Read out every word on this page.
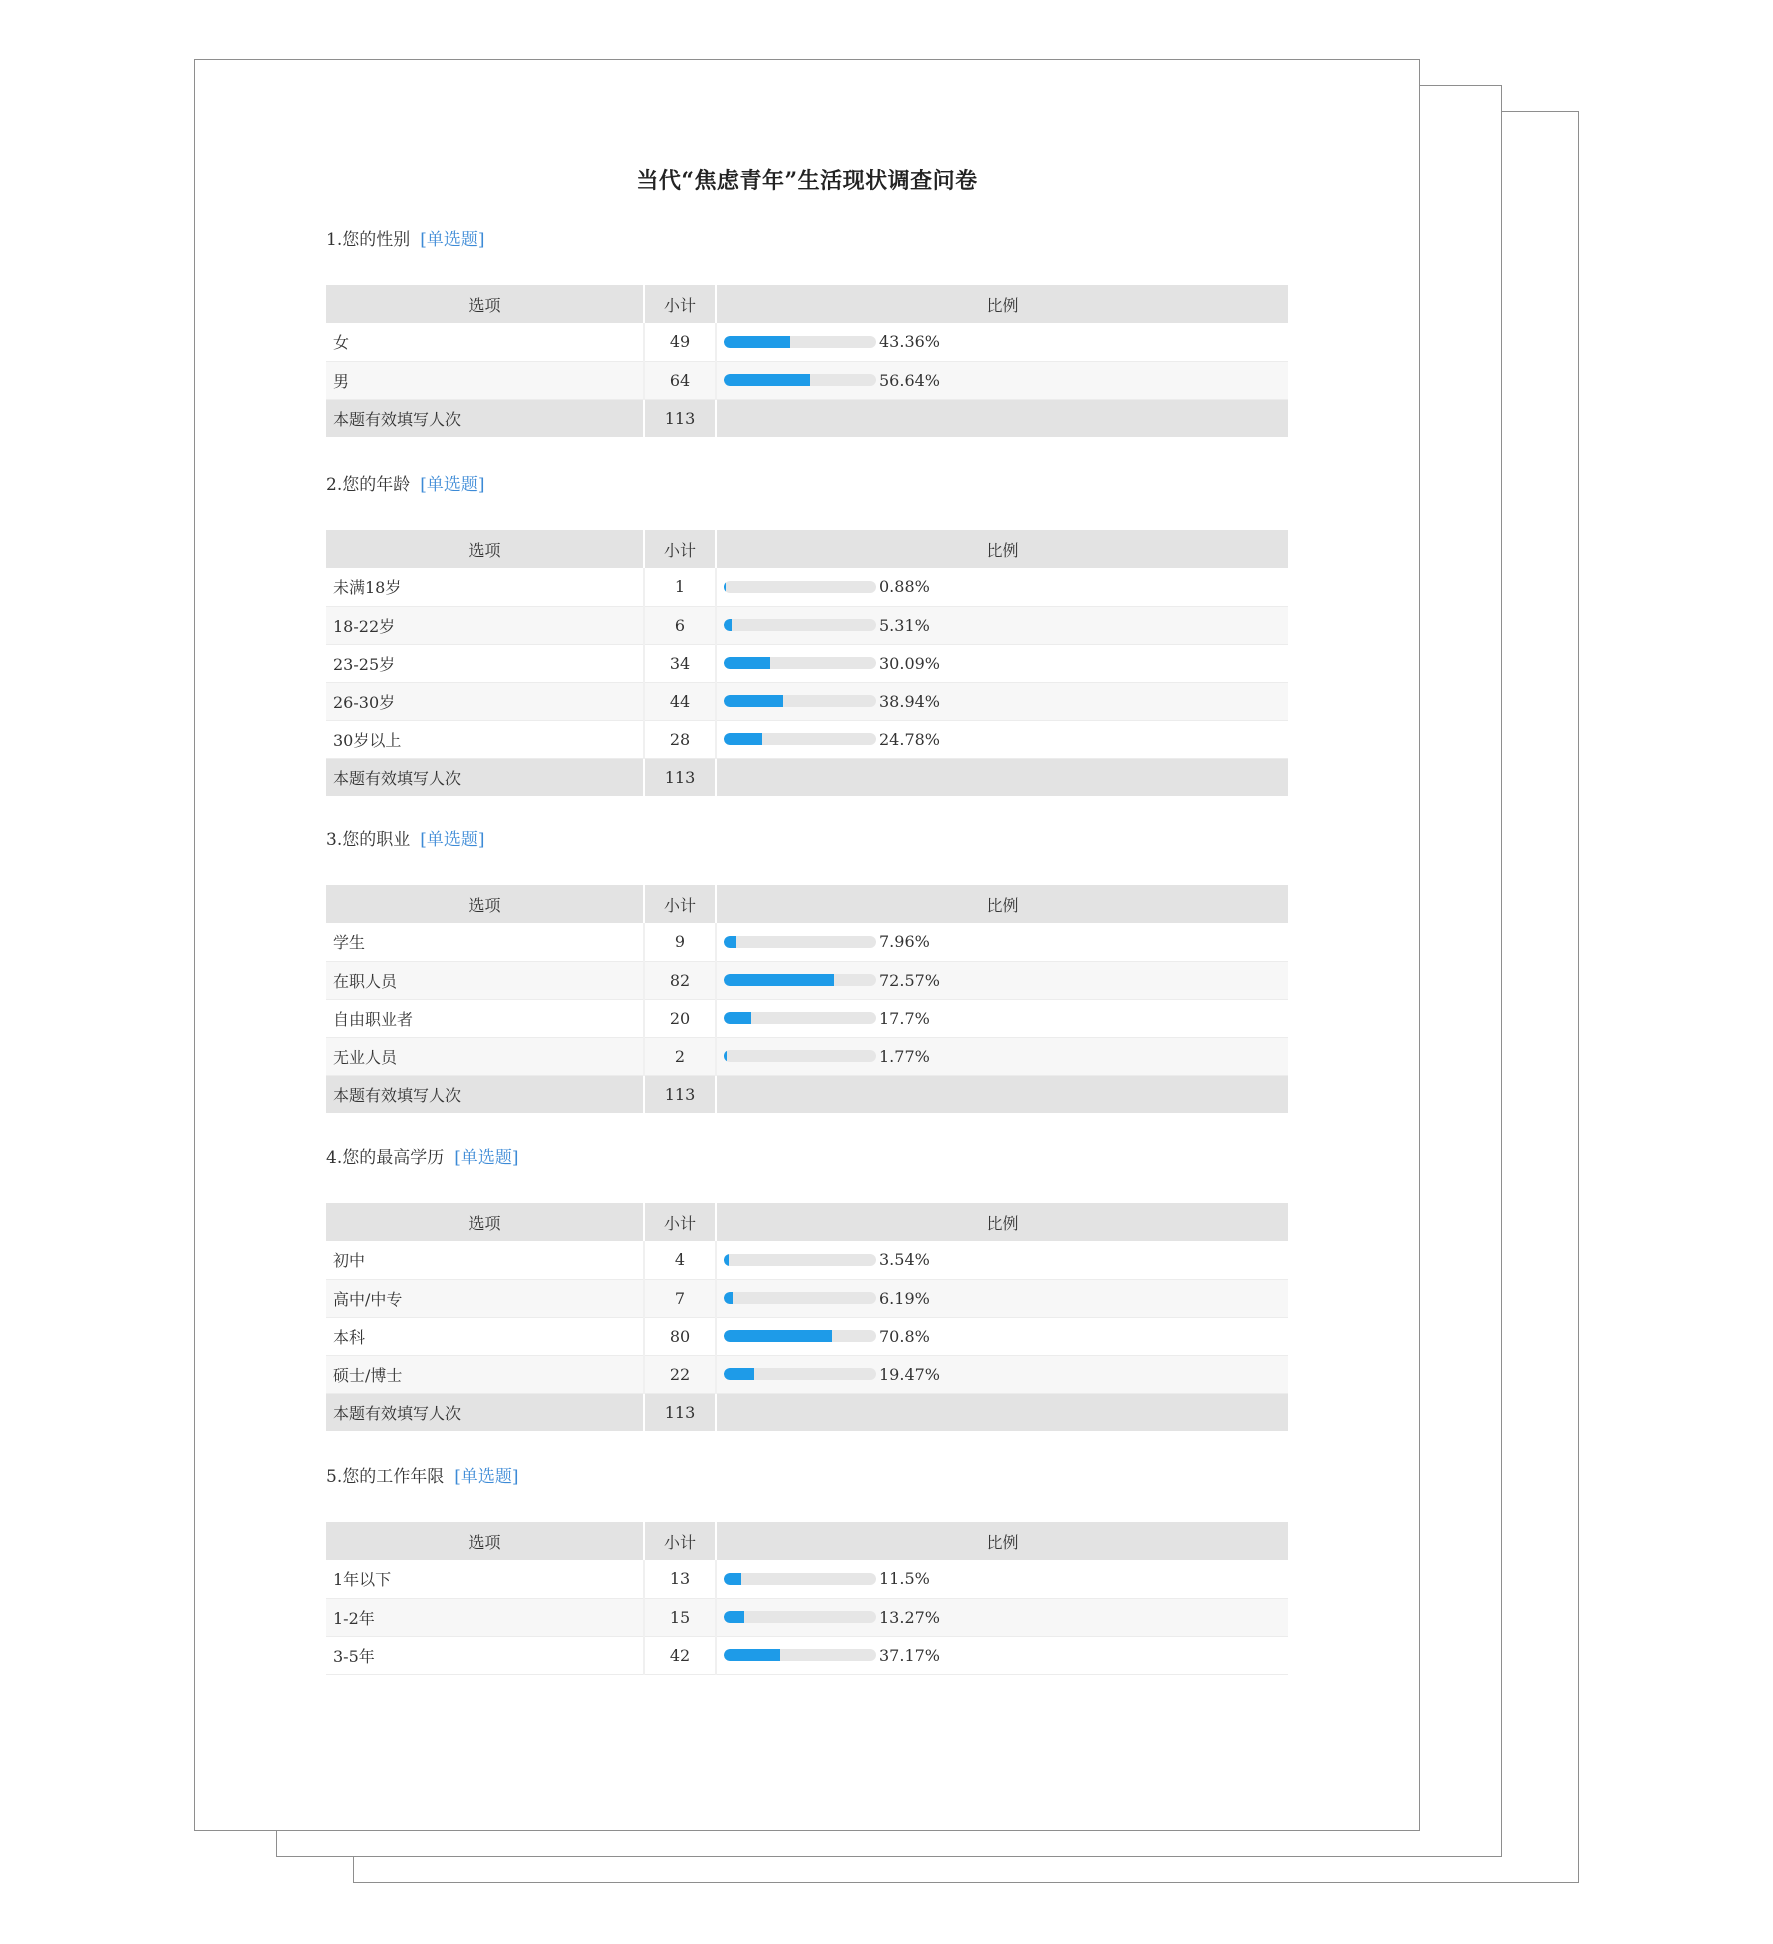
当代“焦虑青年”生活现状调查问卷
1.您的性别 [单选题]
选项	小计	比例
女	49	43.36%

男	64	56.64%

本题有效填写人次	113	
2.您的年龄 [单选题]
选项	小计	比例
未满18岁	1	0.88%

18-22岁	6	5.31%

23-25岁	34	30.09%

26-30岁	44	38.94%

30岁以上	28	24.78%

本题有效填写人次	113	
3.您的职业 [单选题]
选项	小计	比例
学生	9	7.96%

在职人员	82	72.57%

自由职业者	20	17.7%

无业人员	2	1.77%

本题有效填写人次	113	
4.您的最高学历 [单选题]
选项	小计	比例
初中	4	3.54%

高中/中专	7	6.19%

本科	80	70.8%

硕士/博士	22	19.47%

本题有效填写人次	113	
5.您的工作年限 [单选题]
选项	小计	比例
1年以下	13	11.5%

1-2年	15	13.27%

3-5年	42	37.17%
